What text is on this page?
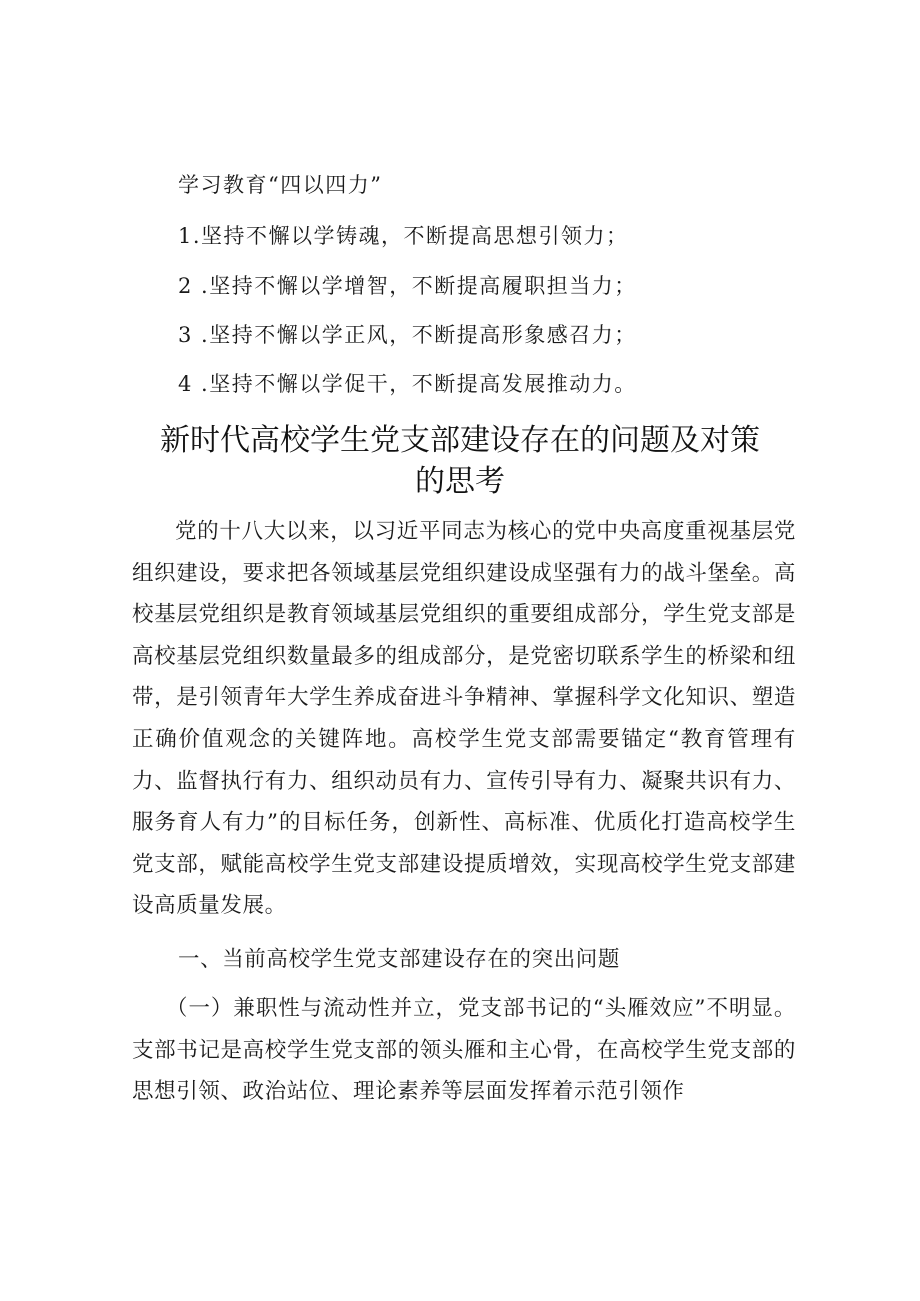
学习教育“四以四力”
1.坚持不懈以学铸魂，不断提高思想引领力；
2 .坚持不懈以学增智，不断提高履职担当力；
3 .坚持不懈以学正风，不断提高形象感召力；
4 .坚持不懈以学促干，不断提高发展推动力。
新时代高校学生党支部建设存在的问题及对策
的思考
党的十八大以来，以习近平同志为核心的党中央高度重视基层党组织建设，要求把各领域基层党组织建设成坚强有力的战斗堡垒。高校基层党组织是教育领域基层党组织的重要组成部分，学生党支部是高校基层党组织数量最多的组成部分，是党密切联系学生的桥梁和纽带，是引领青年大学生养成奋进斗争精神、掌握科学文化知识、塑造正确价值观念的关键阵地。高校学生党支部需要锚定“教育管理有力、监督执行有力、组织动员有力、宣传引导有力、凝聚共识有力、服务育人有力”的目标任务，创新性、高标准、优质化打造高校学生党支部，赋能高校学生党支部建设提质增效，实现高校学生党支部建设高质量发展。
一、当前高校学生党支部建设存在的突出问题
（一）兼职性与流动性并立，党支部书记的“头雁效应”不明显。支部书记是高校学生党支部的领头雁和主心骨，在高校学生党支部的思想引领、政治站位、理论素养等层面发挥着示范引领作
